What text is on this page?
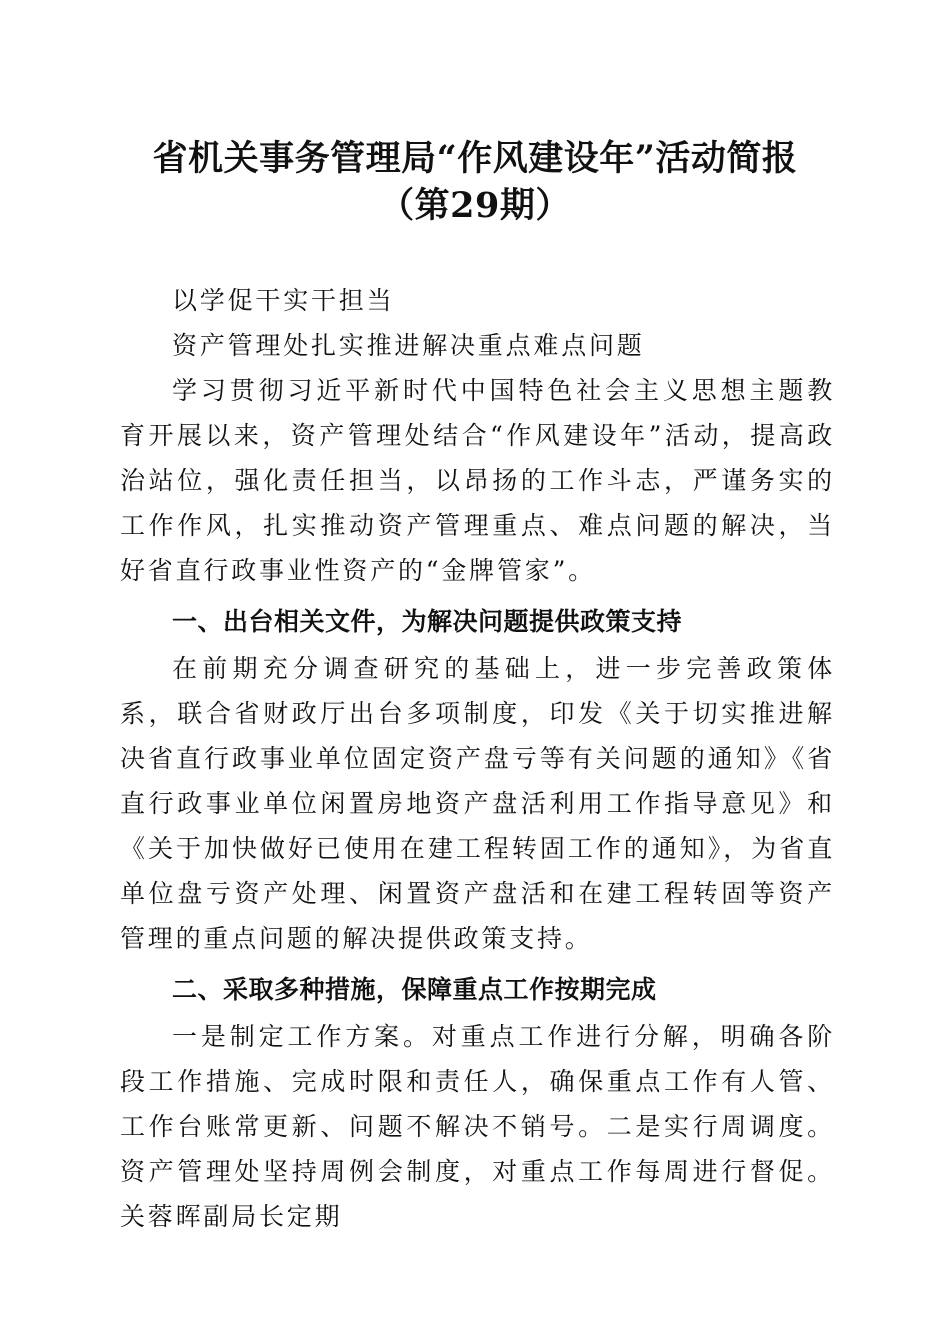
省机关事务管理局“作风建设年”活动简报
（第29期）

以学促干实干担当

资产管理处扎实推进解决重点难点问题

学习贯彻习近平新时代中国特色社会主义思想主题教育开展以来，资产管理处结合“作风建设年”活动，提高政治站位，强化责任担当，以昂扬的工作斗志，严谨务实的工作作风，扎实推动资产管理重点、难点问题的解决，当好省直行政事业性资产的“金牌管家”。

一、出台相关文件，为解决问题提供政策支持

在前期充分调查研究的基础上，进一步完善政策体系，联合省财政厅出台多项制度，印发《关于切实推进解决省直行政事业单位固定资产盘亏等有关问题的通知》《省直行政事业单位闲置房地资产盘活利用工作指导意见》和《关于加快做好已使用在建工程转固工作的通知》，为省直单位盘亏资产处理、闲置资产盘活和在建工程转固等资产管理的重点问题的解决提供政策支持。

二、采取多种措施，保障重点工作按期完成

一是制定工作方案。对重点工作进行分解，明确各阶段工作措施、完成时限和责任人，确保重点工作有人管、工作台账常更新、问题不解决不销号。二是实行周调度。资产管理处坚持周例会制度，对重点工作每周进行督促。关蓉晖副局长定期
